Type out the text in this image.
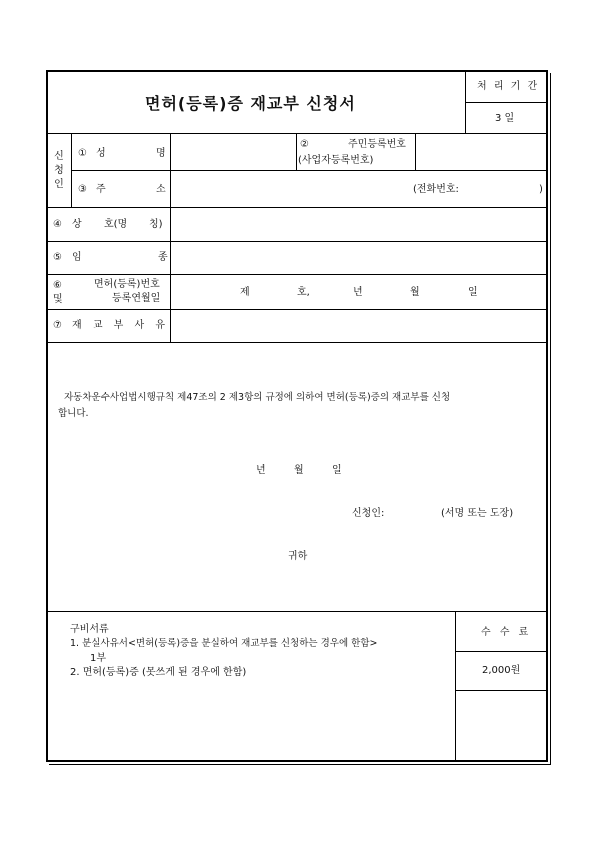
면허(등록)증 재교부 신청서
처 리 기 간
3 일
신 청 인
① 성	명
②	주민등록번호
(사업자등록번호)
③ 주	소	(전화번호:	)
④ 상 호(명 칭)
⑤ 임	종
⑥	면허(등록)번호
및	등록연월일
제	호,	년	월	일
⑦ 재 교 부 사 유
자동차운수사업법시행규칙 제47조의 2 제3항의 규정에 의하여 면허(등록)증의 재교부를 신청
합니다.
년	월	일
신청인:	(서명 또는 도장)
귀하
구비서류
1. 분실사유서<면허(등록)증을 분실하여 재교부를 신청하는 경우에 한함>
1부
2. 면허(등록)증 (못쓰게 된 경우에 한함)
수 수 료
2,000원
